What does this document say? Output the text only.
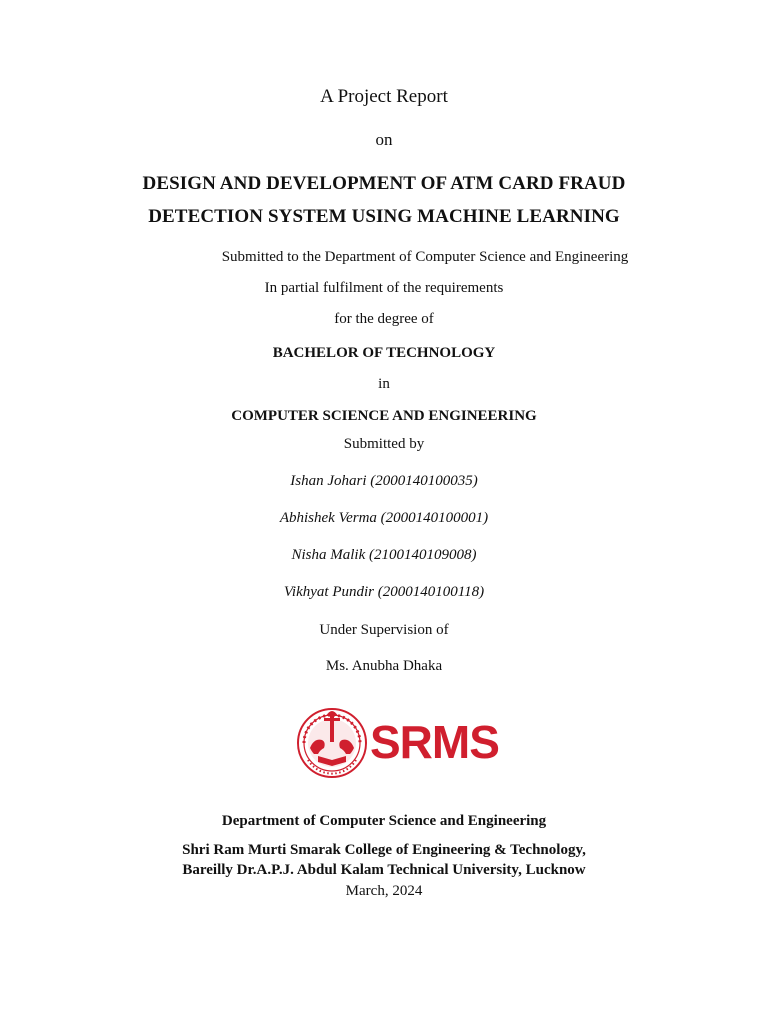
A Project Report
on
DESIGN AND DEVELOPMENT OF ATM CARD FRAUD
DETECTION SYSTEM USING MACHINE LEARNING
Submitted to the Department of Computer Science and Engineering
In partial fulfilment of the requirements
for the degree of
BACHELOR OF TECHNOLOGY
in
COMPUTER SCIENCE AND ENGINEERING
Submitted by
Ishan Johari (2000140100035)
Abhishek Verma (2000140100001)
Nisha Malik (2100140109008)
Vikhyat Pundir (2000140100118)
Under Supervision of
Ms. Anubha Dhaka
SRMS
Department of Computer Science and Engineering
Shri Ram Murti Smarak College of Engineering & Technology,
Bareilly Dr.A.P.J. Abdul Kalam Technical University, Lucknow
March, 2024
